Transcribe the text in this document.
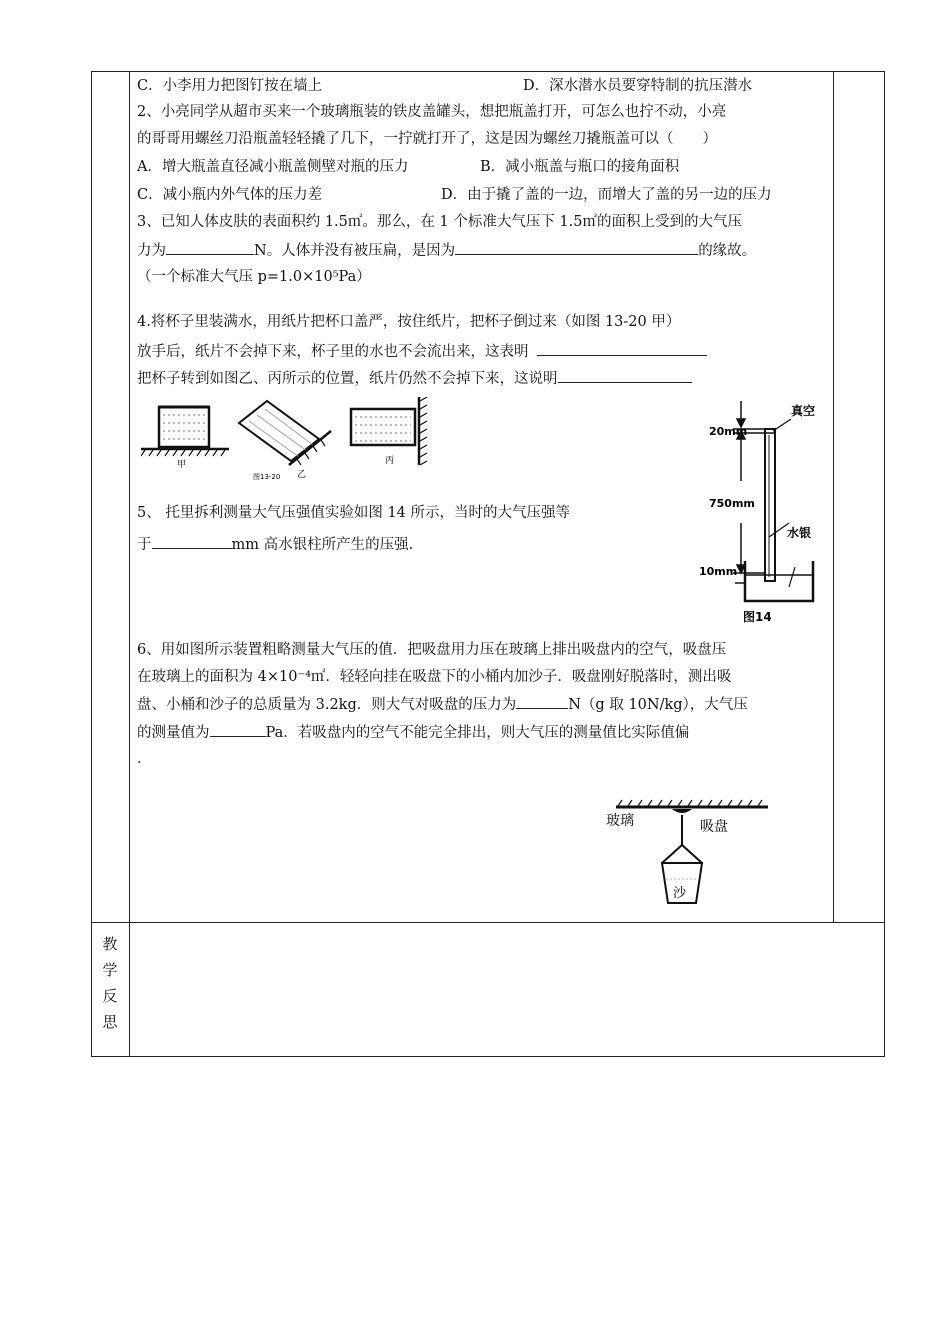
C．小李用力把图钉按在墙上	D．深水潜水员要穿特制的抗压潜水
2、小亮同学从超市买来一个玻璃瓶装的铁皮盖罐头，想把瓶盖打开，可怎么也拧不动，小亮
的哥哥用螺丝刀沿瓶盖轻轻撬了几下，一拧就打开了，这是因为螺丝刀撬瓶盖可以（　　）
A．增大瓶盖直径减小瓶盖侧壁对瓶的压力	B．减小瓶盖与瓶口的接角面积
C．减小瓶内外气体的压力差	D．由于撬了盖的一边，而增大了盖的另一边的压力
3、已知人体皮肤的表面积约 1.5㎡。那么，在 1 个标准大气压下 1.5㎡的面积上受到的大气压
力为	N。人体并没有被压扁，是因为	的缘故。
（一个标准大气压 p=1.0×10⁵Pa）
4.将杯子里装满水，用纸片把杯口盖严，按住纸片，把杯子倒过来（如图 13-20 甲）
放手后，纸片不会掉下来，杯子里的水也不会流出来，这表明
把杯子转到如图乙、丙所示的位置，纸片仍然不会掉下来，这说明
甲
乙
图13-20
丙
5、 托里拆利测量大气压强值实验如图 14 所示，当时的大气压强等
于	mm 高水银柱所产生的压强.
真空
20mm
750mm
水银
10mm
图14
6、用如图所示装置粗略测量大气压的值．把吸盘用力压在玻璃上排出吸盘内的空气，吸盘压
在玻璃上的面积为 4×10⁻⁴㎡．轻轻向挂在吸盘下的小桶内加沙子．吸盘刚好脱落时，测出吸
盘、小桶和沙子的总质量为 3.2kg．则大气对吸盘的压力为	N（g 取 10N/kg），大气压
的测量值为	Pa．若吸盘内的空气不能完全排出，则大气压的测量值比实际值偏
．
玻璃	吸盘
沙
教
学
反
思
